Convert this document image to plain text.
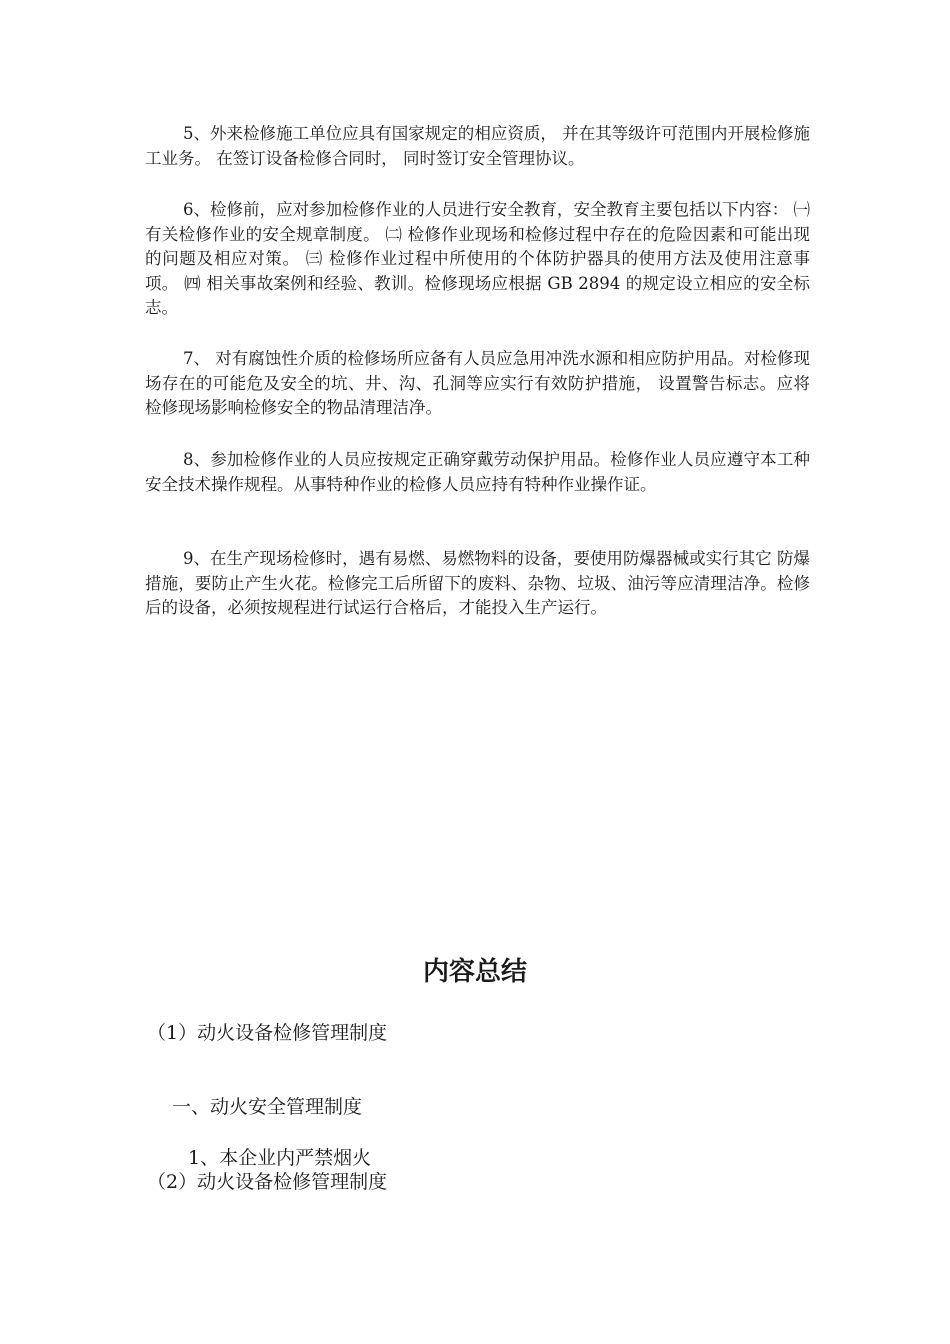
5、外来检修施工单位应具有国家规定的相应资质， 并在其等级许可范围内开展检修施 工业务。 在签订设备检修合同时， 同时签订安全管理协议。

6、检修前，应对参加检修作业的人员进行安全教育，安全教育主要包括以下内容： ㈠ 有关检修作业的安全规章制度。 ㈡ 检修作业现场和检修过程中存在的危险因素和可能出现的问题及相应对策。 ㈢ 检修作业过程中所使用的个体防护器具的使用方法及使用注意事项。 ㈣ 相关事故案例和经验、教训。检修现场应根据 GB 2894 的规定设立相应的安全标志。

7、 对有腐蚀性介质的检修场所应备有人员应急用冲洗水源和相应防护用品。对检修现场存在的可能危及安全的坑、井、沟、孔洞等应实行有效防护措施， 设置警告标志。应将检修现场影响检修安全的物品清理洁净。

8、参加检修作业的人员应按规定正确穿戴劳动保护用品。检修作业人员应遵守本工种安全技术操作规程。从事特种作业的检修人员应持有特种作业操作证。

9、在生产现场检修时，遇有易燃、易燃物料的设备，要使用防爆器械或实行其它 防爆措施，要防止产生火花。检修完工后所留下的废料、杂物、垃圾、油污等应清理洁净。检修后的设备，必须按规程进行试运行合格后，才能投入生产运行。

内容总结

（1）动火设备检修管理制度

一、动火安全管理制度

1、本企业内严禁烟火

（2）动火设备检修管理制度
